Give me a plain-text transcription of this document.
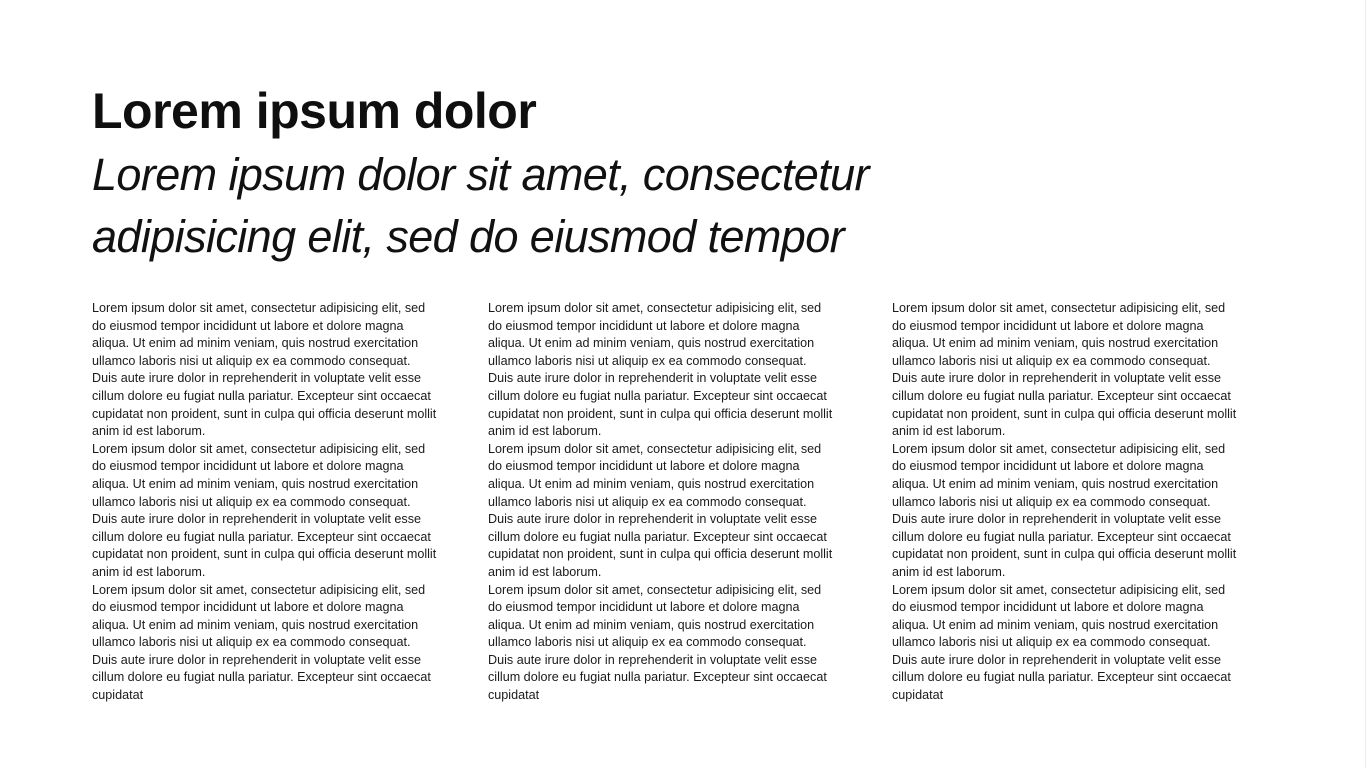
Lorem ipsum dolor
Lorem ipsum dolor sit amet, consectetur adipisicing elit, sed do eiusmod tempor

Lorem ipsum dolor sit amet, consectetur adipisicing elit, sed do eiusmod tempor incididunt ut labore et dolore magna aliqua. Ut enim ad minim veniam, quis nostrud exercitation ullamco laboris nisi ut aliquip ex ea commodo consequat. Duis aute irure dolor in reprehenderit in voluptate velit esse cillum dolore eu fugiat nulla pariatur. Excepteur sint occaecat cupidatat non proident, sunt in culpa qui officia deserunt mollit anim id est laborum.

Lorem ipsum dolor sit amet, consectetur adipisicing elit, sed do eiusmod tempor incididunt ut labore et dolore magna aliqua. Ut enim ad minim veniam, quis nostrud exercitation ullamco laboris nisi ut aliquip ex ea commodo consequat. Duis aute irure dolor in reprehenderit in voluptate velit esse cillum dolore eu fugiat nulla pariatur. Excepteur sint occaecat cupidatat non proident, sunt in culpa qui officia deserunt mollit anim id est laborum.

Lorem ipsum dolor sit amet, consectetur adipisicing elit, sed do eiusmod tempor incididunt ut labore et dolore magna aliqua. Ut enim ad minim veniam, quis nostrud exercitation ullamco laboris nisi ut aliquip ex ea commodo consequat. Duis aute irure dolor in reprehenderit in voluptate velit esse cillum dolore eu fugiat nulla pariatur. Excepteur sint occaecat cupidatat

Lorem ipsum dolor sit amet, consectetur adipisicing elit, sed do eiusmod tempor incididunt ut labore et dolore magna aliqua. Ut enim ad minim veniam, quis nostrud exercitation ullamco laboris nisi ut aliquip ex ea commodo consequat. Duis aute irure dolor in reprehenderit in voluptate velit esse cillum dolore eu fugiat nulla pariatur. Excepteur sint occaecat cupidatat non proident, sunt in culpa qui officia deserunt mollit anim id est laborum.

Lorem ipsum dolor sit amet, consectetur adipisicing elit, sed do eiusmod tempor incididunt ut labore et dolore magna aliqua. Ut enim ad minim veniam, quis nostrud exercitation ullamco laboris nisi ut aliquip ex ea commodo consequat. Duis aute irure dolor in reprehenderit in voluptate velit esse cillum dolore eu fugiat nulla pariatur. Excepteur sint occaecat cupidatat non proident, sunt in culpa qui officia deserunt mollit anim id est laborum.

Lorem ipsum dolor sit amet, consectetur adipisicing elit, sed do eiusmod tempor incididunt ut labore et dolore magna aliqua. Ut enim ad minim veniam, quis nostrud exercitation ullamco laboris nisi ut aliquip ex ea commodo consequat. Duis aute irure dolor in reprehenderit in voluptate velit esse cillum dolore eu fugiat nulla pariatur. Excepteur sint occaecat cupidatat

Lorem ipsum dolor sit amet, consectetur adipisicing elit, sed do eiusmod tempor incididunt ut labore et dolore magna aliqua. Ut enim ad minim veniam, quis nostrud exercitation ullamco laboris nisi ut aliquip ex ea commodo consequat. Duis aute irure dolor in reprehenderit in voluptate velit esse cillum dolore eu fugiat nulla pariatur. Excepteur sint occaecat cupidatat non proident, sunt in culpa qui officia deserunt mollit anim id est laborum.

Lorem ipsum dolor sit amet, consectetur adipisicing elit, sed do eiusmod tempor incididunt ut labore et dolore magna aliqua. Ut enim ad minim veniam, quis nostrud exercitation ullamco laboris nisi ut aliquip ex ea commodo consequat. Duis aute irure dolor in reprehenderit in voluptate velit esse cillum dolore eu fugiat nulla pariatur. Excepteur sint occaecat cupidatat non proident, sunt in culpa qui officia deserunt mollit anim id est laborum.

Lorem ipsum dolor sit amet, consectetur adipisicing elit, sed do eiusmod tempor incididunt ut labore et dolore magna aliqua. Ut enim ad minim veniam, quis nostrud exercitation ullamco laboris nisi ut aliquip ex ea commodo consequat. Duis aute irure dolor in reprehenderit in voluptate velit esse cillum dolore eu fugiat nulla pariatur. Excepteur sint occaecat cupidatat
